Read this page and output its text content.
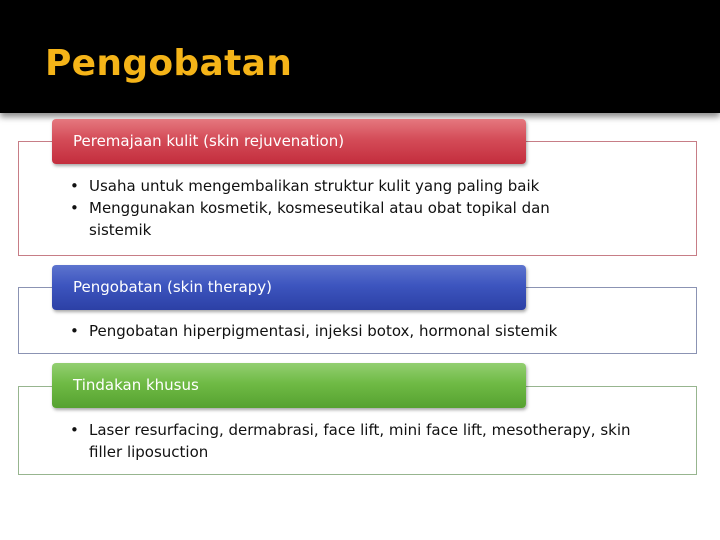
Pengobatan
Peremajaan kulit (skin rejuvenation)
• Usaha untuk mengembalikan struktur kulit yang paling baik
• Menggunakan kosmetik, kosmeseutikal atau obat topikal dan sistemik
Pengobatan (skin therapy)
• Pengobatan hiperpigmentasi, injeksi botox, hormonal sistemik
Tindakan khusus
• Laser resurfacing, dermabrasi, face lift, mini face lift, mesotherapy, skin filler liposuction
